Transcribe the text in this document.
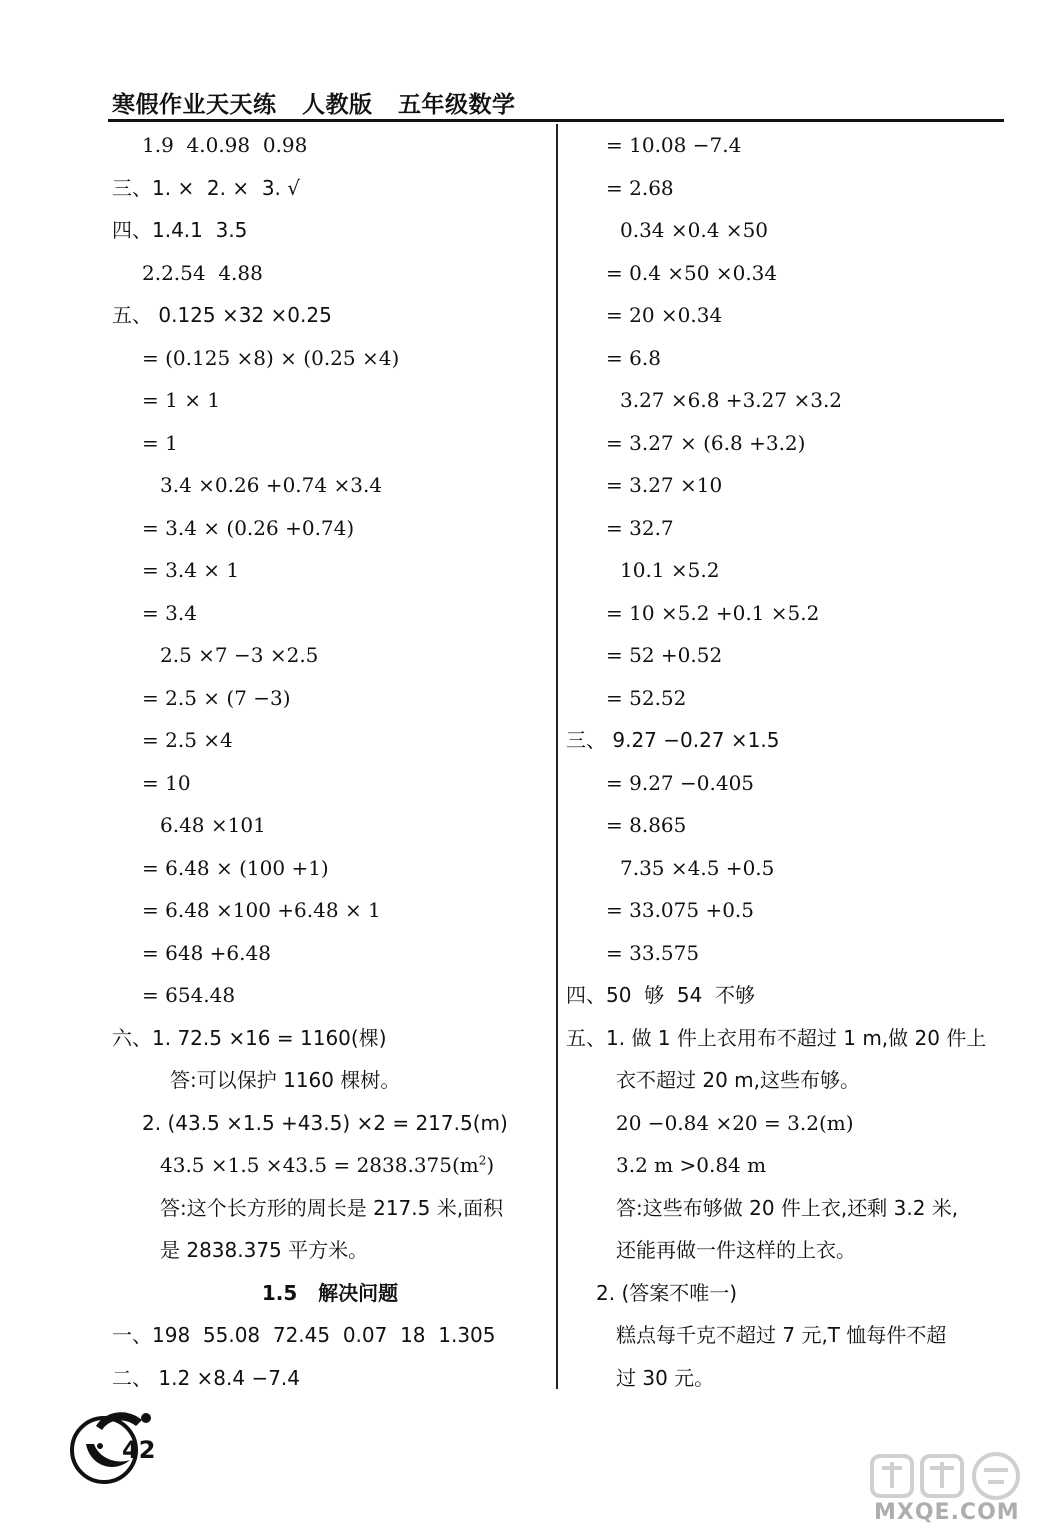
寒假作业天天练   人教版   五年级数学
1.9  4.0.98  0.98
三、1. ×  2. ×  3. √
四、1.4.1  3.5
2.2.54  4.88
五、 0.125 ×32 ×0.25
= (0.125 ×8) × (0.25 ×4)
= 1 × 1
= 1
3.4 ×0.26 +0.74 ×3.4
= 3.4 × (0.26 +0.74)
= 3.4 × 1
= 3.4
2.5 ×7 −3 ×2.5
= 2.5 × (7 −3)
= 2.5 ×4
= 10
6.48 ×101
= 6.48 × (100 +1)
= 6.48 ×100 +6.48 × 1
= 648 +6.48
= 654.48
六、1. 72.5 ×16 = 1160(棵)
答:可以保护 1160 棵树。
2. (43.5 ×1.5 +43.5) ×2 = 217.5(m)
$43.5 \times 1.5 \times 43.5 = 2838.375(m^2)$
答:这个长方形的周长是 217.5 米,面积
是 2838.375 平方米。
1.5   解决问题
一、198  55.08  72.45  0.07  18  1.305
二、 1.2 ×8.4 −7.4
= 10.08 −7.4
= 2.68
0.34 ×0.4 ×50
= 0.4 ×50 ×0.34
= 20 ×0.34
= 6.8
3.27 ×6.8 +3.27 ×3.2
= 3.27 × (6.8 +3.2)
= 3.27 ×10
= 32.7
10.1 ×5.2
= 10 ×5.2 +0.1 ×5.2
= 52 +0.52
= 52.52
三、 9.27 −0.27 ×1.5
= 9.27 −0.405
= 8.865
7.35 ×4.5 +0.5
= 33.075 +0.5
= 33.575
四、50  够  54  不够
五、1. 做 1 件上衣用布不超过 1 m,做 20 件上
衣不超过 20 m,这些布够。
20 −0.84 ×20 = 3.2(m)
3.2 m >0.84 m
答:这些布够做 20 件上衣,还剩 3.2 米,
还能再做一件这样的上衣。
2. (答案不唯一)
糕点每千克不超过 7 元,T 恤每件不超
过 30 元。
42
MXQE.COM
